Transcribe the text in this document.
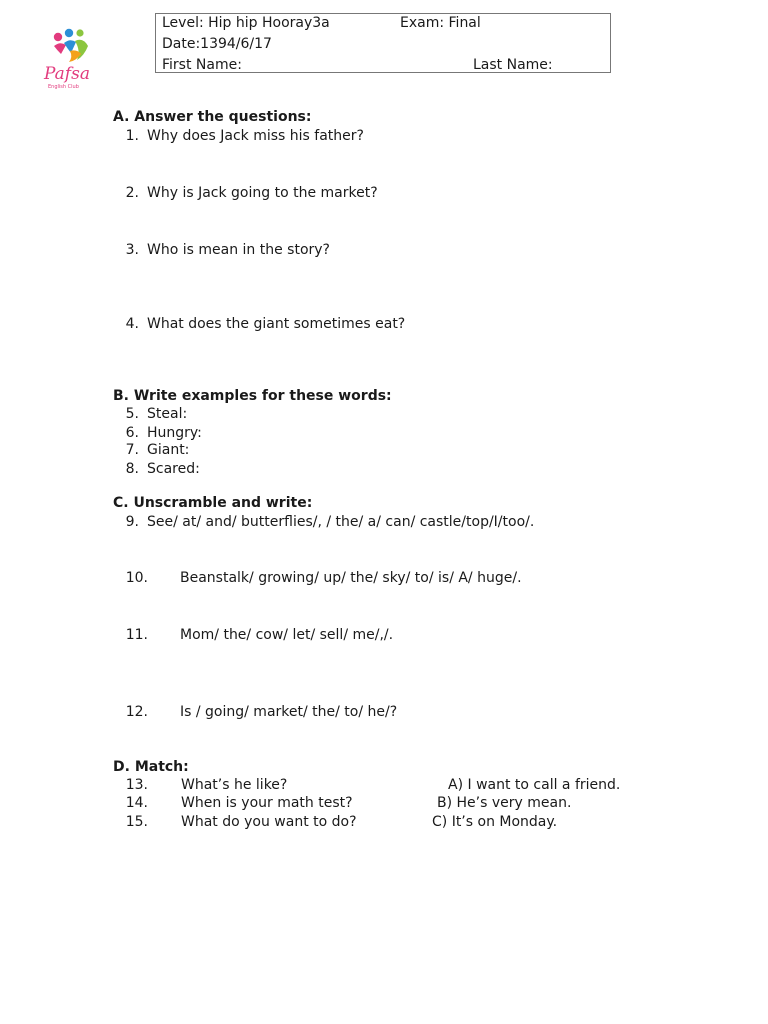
Pafsa
English Club
Level: Hip hip Hooray3a	Exam: Final
Date:1394/6/17
First Name:	Last Name:
A. Answer the questions:
1. Why does Jack miss his father?
2. Why is Jack going to the market?
3. Who is mean in the story?
4. What does the giant sometimes eat?
B. Write examples for these words:
5. Steal:
6. Hungry:
7. Giant:
8. Scared:
C. Unscramble and write:
9. See/ at/ and/ butterflies/, / the/ a/ can/ castle/top/I/too/.
10. Beanstalk/ growing/ up/ the/ sky/ to/ is/ A/ huge/.
11. Mom/ the/ cow/ let/ sell/ me/,/.
12. Is / going/ market/ the/ to/ he/?
D. Match:
13. What’s he like?	A) I want to call a friend.
14. When is your math test?	B) He’s very mean.
15. What do you want to do?	C) It’s on Monday.
